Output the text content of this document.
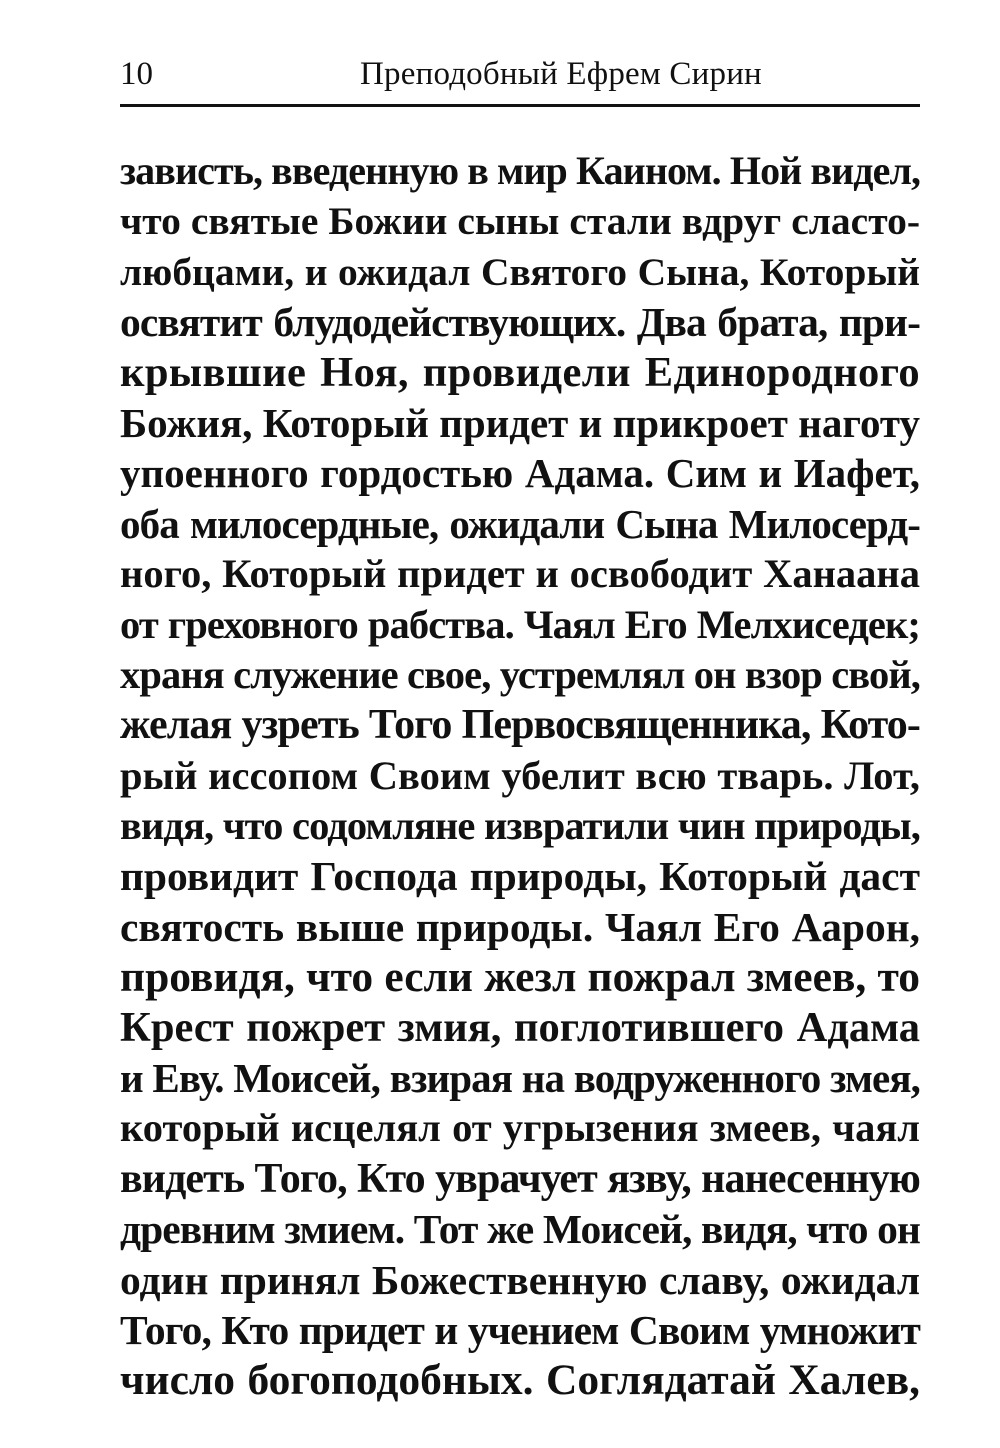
10	Преподобный Ефрем Сирин
зависть, введенную в мир Каином. Ной видел,
что святые Божии сыны стали вдруг сласто-
любцами, и ожидал Святого Сына, Который
освятит блудодействующих. Два брата, при-
крывшие Ноя, провидели Единородного
Божия, Который придет и прикроет наготу
упоенного гордостью Адама. Сим и Иафет,
оба милосердные, ожидали Сына Милосерд-
ного, Который придет и освободит Ханаана
от греховного рабства. Чаял Его Мелхиседек;
храня служение свое, устремлял он взор свой,
желая узреть Того Первосвященника, Кото-
рый иссопом Своим убелит всю тварь. Лот,
видя, что содомляне извратили чин природы,
провидит Господа природы, Который даст
святость выше природы. Чаял Его Аарон,
провидя, что если жезл пожрал змеев, то
Крест пожрет змия, поглотившего Адама
и Еву. Моисей, взирая на водруженного змея,
который исцелял от угрызения змеев, чаял
видеть Того, Кто уврачует язву, нанесенную
древним змием. Тот же Моисей, видя, что он
один принял Божественную славу, ожидал
Того, Кто придет и учением Своим умножит
число богоподобных. Соглядатай Халев,
